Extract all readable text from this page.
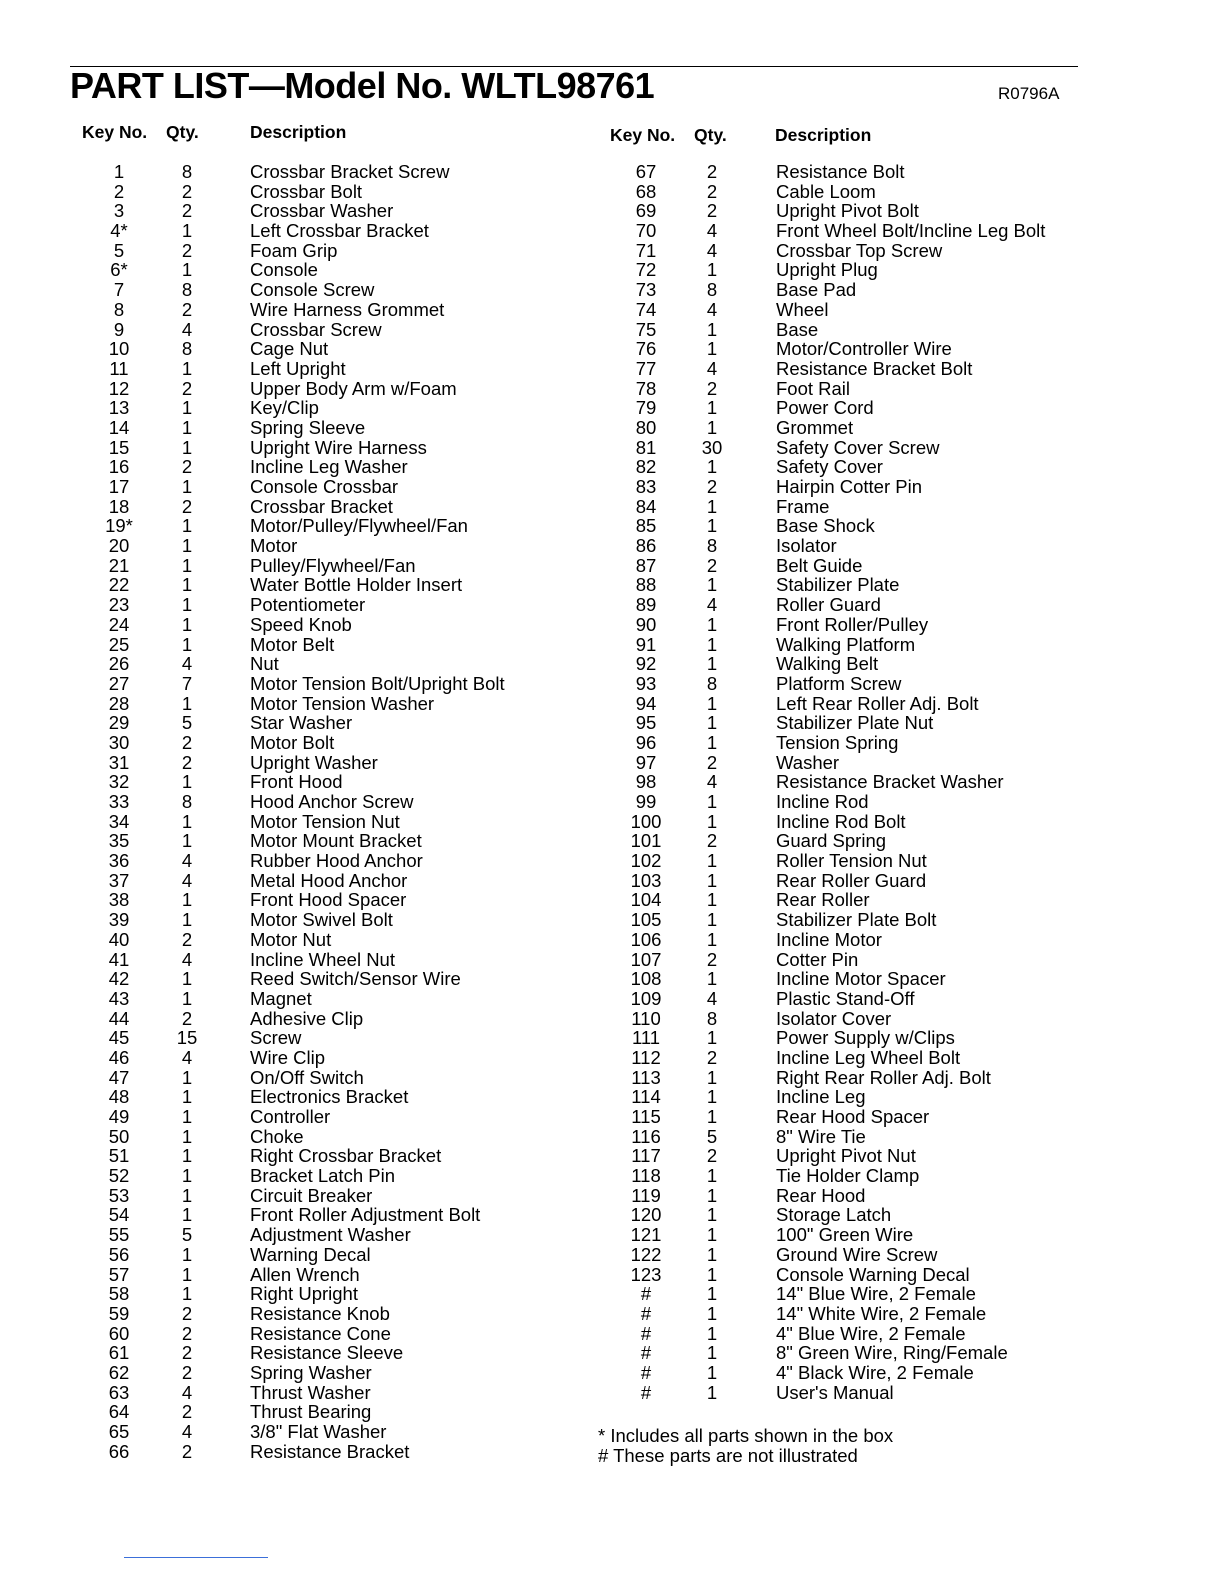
PART LIST—Model No. WLTL98761	R0796A
Key No. Qty.	Description	Key No. Qty.	Description
1	8	Crossbar Bracket Screw
2	2	Crossbar Bolt
3	2	Crossbar Washer
4*	1	Left Crossbar Bracket
5	2	Foam Grip
6*	1	Console
7	8	Console Screw
8	2	Wire Harness Grommet
9	4	Crossbar Screw
10	8	Cage Nut
11	1	Left Upright
12	2	Upper Body Arm w/Foam
13	1	Key/Clip
14	1	Spring Sleeve
15	1	Upright Wire Harness
16	2	Incline Leg Washer
17	1	Console Crossbar
18	2	Crossbar Bracket
19*	1	Motor/Pulley/Flywheel/Fan
20	1	Motor
21	1	Pulley/Flywheel/Fan
22	1	Water Bottle Holder Insert
23	1	Potentiometer
24	1	Speed Knob
25	1	Motor Belt
26	4	Nut
27	7	Motor Tension Bolt/Upright Bolt
28	1	Motor Tension Washer
29	5	Star Washer
30	2	Motor Bolt
31	2	Upright Washer
32	1	Front Hood
33	8	Hood Anchor Screw
34	1	Motor Tension Nut
35	1	Motor Mount Bracket
36	4	Rubber Hood Anchor
37	4	Metal Hood Anchor
38	1	Front Hood Spacer
39	1	Motor Swivel Bolt
40	2	Motor Nut
41	4	Incline Wheel Nut
42	1	Reed Switch/Sensor Wire
43	1	Magnet
44	2	Adhesive Clip
45	15	Screw
46	4	Wire Clip
47	1	On/Off Switch
48	1	Electronics Bracket
49	1	Controller
50	1	Choke
51	1	Right Crossbar Bracket
52	1	Bracket Latch Pin
53	1	Circuit Breaker
54	1	Front Roller Adjustment Bolt
55	5	Adjustment Washer
56	1	Warning Decal
57	1	Allen Wrench
58	1	Right Upright
59	2	Resistance Knob
60	2	Resistance Cone
61	2	Resistance Sleeve
62	2	Spring Washer
63	4	Thrust Washer
64	2	Thrust Bearing
65	4	3/8" Flat Washer
66	2	Resistance Bracket
67	2	Resistance Bolt
68	2	Cable Loom
69	2	Upright Pivot Bolt
70	4	Front Wheel Bolt/Incline Leg Bolt
71	4	Crossbar Top Screw
72	1	Upright Plug
73	8	Base Pad
74	4	Wheel
75	1	Base
76	1	Motor/Controller Wire
77	4	Resistance Bracket Bolt
78	2	Foot Rail
79	1	Power Cord
80	1	Grommet
81	30	Safety Cover Screw
82	1	Safety Cover
83	2	Hairpin Cotter Pin
84	1	Frame
85	1	Base Shock
86	8	Isolator
87	2	Belt Guide
88	1	Stabilizer Plate
89	4	Roller Guard
90	1	Front Roller/Pulley
91	1	Walking Platform
92	1	Walking Belt
93	8	Platform Screw
94	1	Left Rear Roller Adj. Bolt
95	1	Stabilizer Plate Nut
96	1	Tension Spring
97	2	Washer
98	4	Resistance Bracket Washer
99	1	Incline Rod
100	1	Incline Rod Bolt
101	2	Guard Spring
102	1	Roller Tension Nut
103	1	Rear Roller Guard
104	1	Rear Roller
105	1	Stabilizer Plate Bolt
106	1	Incline Motor
107	2	Cotter Pin
108	1	Incline Motor Spacer
109	4	Plastic Stand-Off
110	8	Isolator Cover
111	1	Power Supply w/Clips
112	2	Incline Leg Wheel Bolt
113	1	Right Rear Roller Adj. Bolt
114	1	Incline Leg
115	1	Rear Hood Spacer
116	5	8" Wire Tie
117	2	Upright Pivot Nut
118	1	Tie Holder Clamp
119	1	Rear Hood
120	1	Storage Latch
121	1	100" Green Wire
122	1	Ground Wire Screw
123	1	Console Warning Decal
#	1	14" Blue Wire, 2 Female
#	1	14" White Wire, 2 Female
#	1	4" Blue Wire, 2 Female
#	1	8" Green Wire, Ring/Female
#	1	4" Black Wire, 2 Female
#	1	User's Manual
* Includes all parts shown in the box
# These parts are not illustrated
